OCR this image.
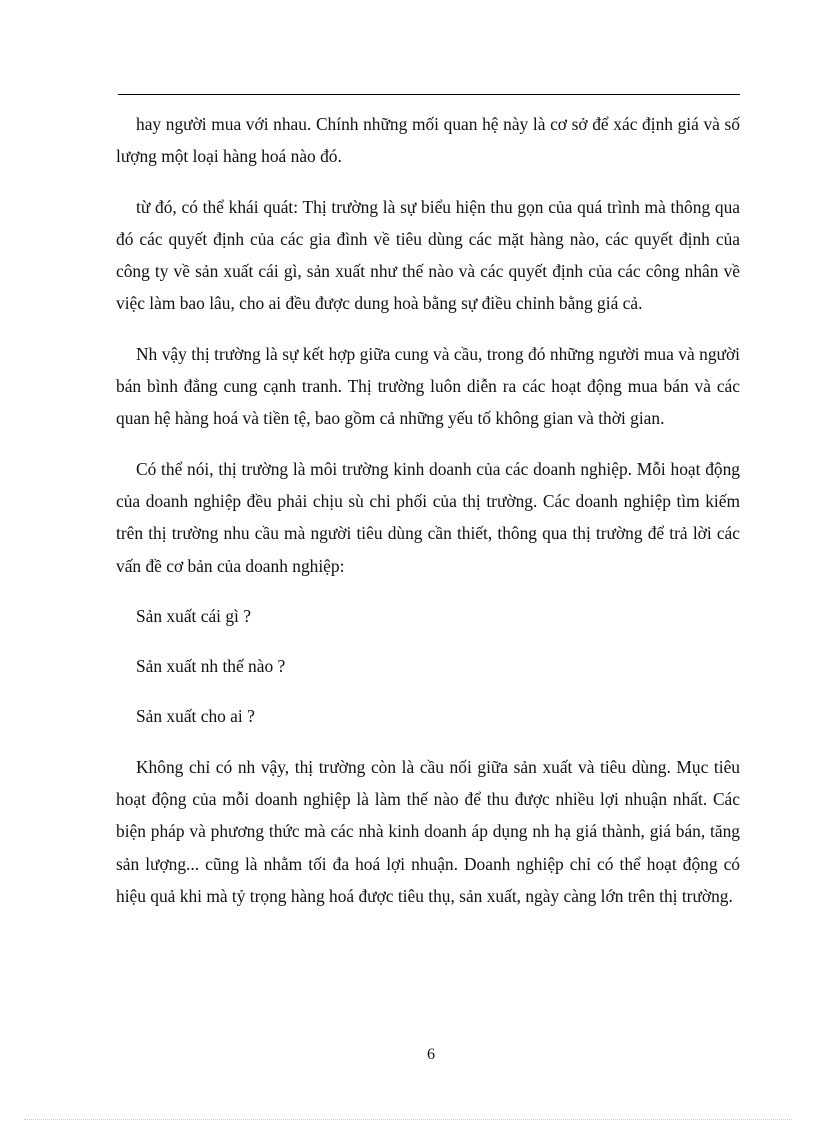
hay người mua với nhau. Chính những mối quan hệ này là cơ sở để xác định giá và số lượng một loại hàng hoá nào đó.

từ đó, có thể khái quát: Thị trường là sự biểu hiện thu gọn của quá trình mà thông qua đó các quyết định của các gia đình về tiêu dùng các mặt hàng nào, các quyết định của công ty về sản xuất cái gì, sản xuất như thế nào và các quyết định của các công nhân về việc làm bao lâu, cho ai đều được dung hoà bằng sự điều chỉnh bằng giá cả.

Nh vậy thị trường là sự kết hợp giữa cung và cầu, trong đó những người mua và người bán bình đẳng cung cạnh tranh. Thị trường luôn diễn ra các hoạt động mua bán và các quan hệ hàng hoá và tiền tệ, bao gồm cả những yếu tố không gian và thời gian.

Có thể nói, thị trường là môi trường kinh doanh của các doanh nghiệp. Mỗi hoạt động của doanh nghiệp đều phải chịu sù chi phối của thị trường. Các doanh nghiệp tìm kiếm trên thị trường nhu cầu mà người tiêu dùng cần thiết, thông qua thị trường để trả lời các vấn đề cơ bản của doanh nghiệp:

Sản xuất cái gì ?

Sản xuất nh thế nào ?

Sản xuất cho ai ?

Không chỉ có nh vậy, thị trường còn là cầu nối giữa sản xuất và tiêu dùng. Mục tiêu hoạt động của mỗi doanh nghiệp là làm thế nào để thu được nhiều lợi nhuận nhất. Các biện pháp và phương thức mà các nhà kinh doanh áp dụng nh hạ giá thành, giá bán, tăng sản lượng... cũng là nhằm tối đa hoá lợi nhuận. Doanh nghiệp chỉ có thể hoạt động có hiệu quả khi mà tỷ trọng hàng hoá được tiêu thụ, sản xuất, ngày càng lớn trên thị trường.

6
